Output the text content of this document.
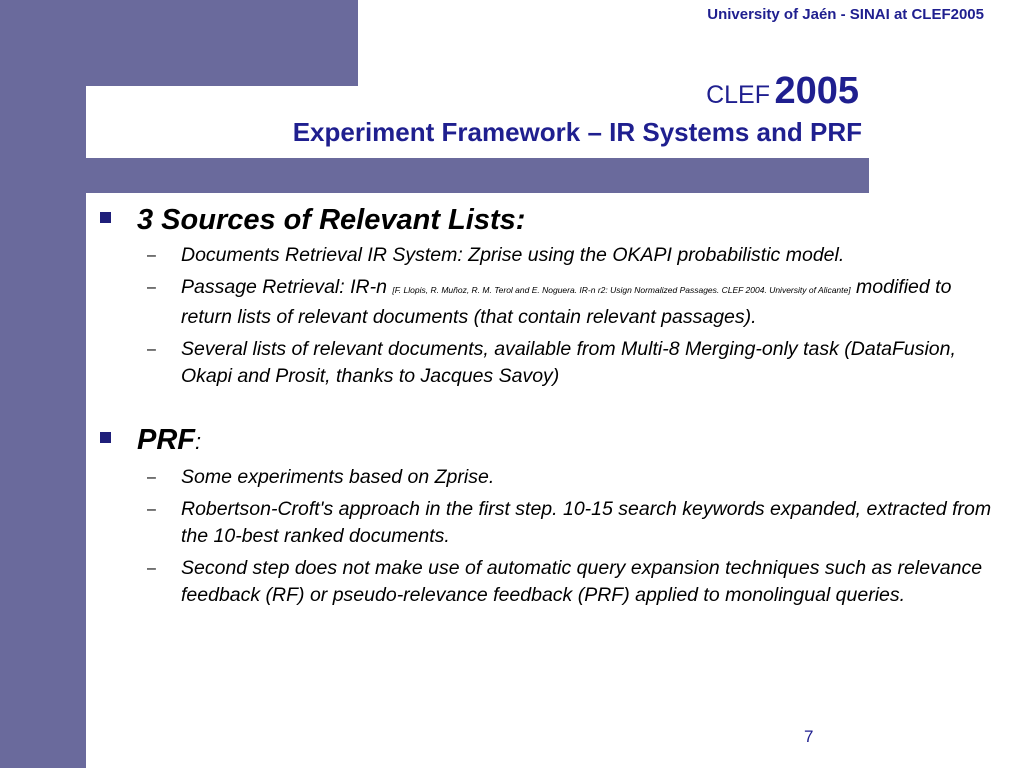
University of Jaén - SINAI at CLEF2005
CLEF 2005
Experiment Framework – IR Systems and PRF
3 Sources of Relevant Lists:
– Documents Retrieval IR System: Zprise using the OKAPI probabilistic model.
– Passage Retrieval: IR-n [F. Llopis, R. Muñoz, R. M. Terol and E. Noguera. IR-n r2: Usign Normalized Passages. CLEF 2004. University of Alicante] modified to return lists of relevant documents (that contain relevant passages).
– Several lists of relevant documents, available from Multi-8 Merging-only task (DataFusion, Okapi and Prosit, thanks to Jacques Savoy)
PRF:
– Some experiments based on Zprise.
– Robertson-Croft's approach in the first step. 10-15 search keywords expanded, extracted from the 10-best ranked documents.
– Second step does not make use of automatic query expansion techniques such as relevance feedback (RF) or pseudo-relevance feedback (PRF) applied to monolingual queries.
7
